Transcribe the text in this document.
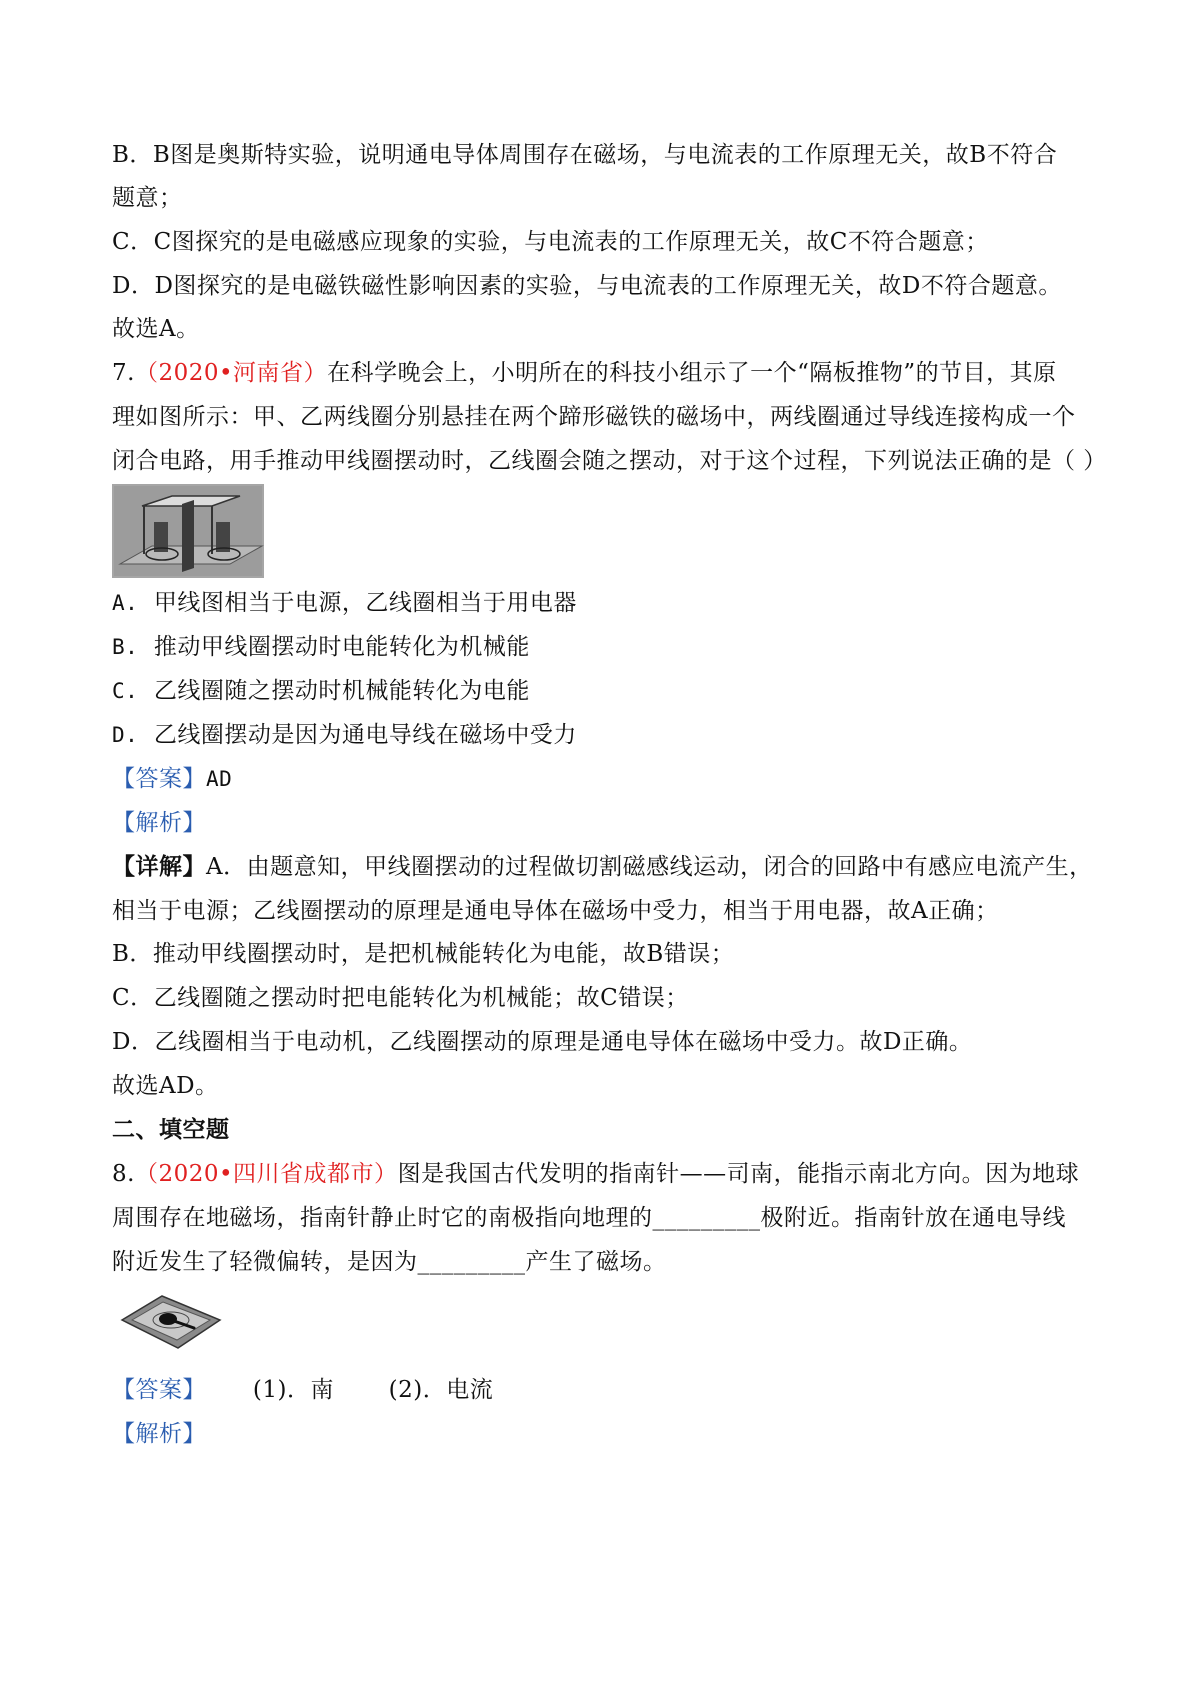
B．B图是奥斯特实验，说明通电导体周围存在磁场，与电流表的工作原理无关，故B不符合
题意；
C．C图探究的是电磁感应现象的实验，与电流表的工作原理无关，故C不符合题意；
D．D图探究的是电磁铁磁性影响因素的实验，与电流表的工作原理无关，故D不符合题意。
故选A。
7.（2020•河南省）在科学晚会上，小明所在的科技小组示了一个“隔板推物”的节目，其原
理如图所示：甲、乙两线圈分别悬挂在两个蹄形磁铁的磁场中，两线圈通过导线连接构成一个
闭合电路，用手推动甲线圈摆动时，乙线圈会随之摆动，对于这个过程，下列说法正确的是（ ）
A. 甲线图相当于电源，乙线圈相当于用电器
B. 推动甲线圈摆动时电能转化为机械能
C. 乙线圈随之摆动时机械能转化为电能
D. 乙线圈摆动是因为通电导线在磁场中受力
【答案】AD
【解析】
【详解】A．由题意知，甲线圈摆动的过程做切割磁感线运动，闭合的回路中有感应电流产生，
相当于电源；乙线圈摆动的原理是通电导体在磁场中受力，相当于用电器，故A正确；
B．推动甲线圈摆动时，是把机械能转化为电能，故B错误；
C．乙线圈随之摆动时把电能转化为机械能；故C错误；
D．乙线圈相当于电动机，乙线圈摆动的原理是通电导体在磁场中受力。故D正确。
故选AD。
二、填空题
8.（2020•四川省成都市）图是我国古代发明的指南针——司南，能指示南北方向。因为地球
周围存在地磁场，指南针静止时它的南极指向地理的_________极附近。指南针放在通电导线
附近发生了轻微偏转，是因为_________产生了磁场。
【答案】 (1)．南 (2)．电流
【解析】
